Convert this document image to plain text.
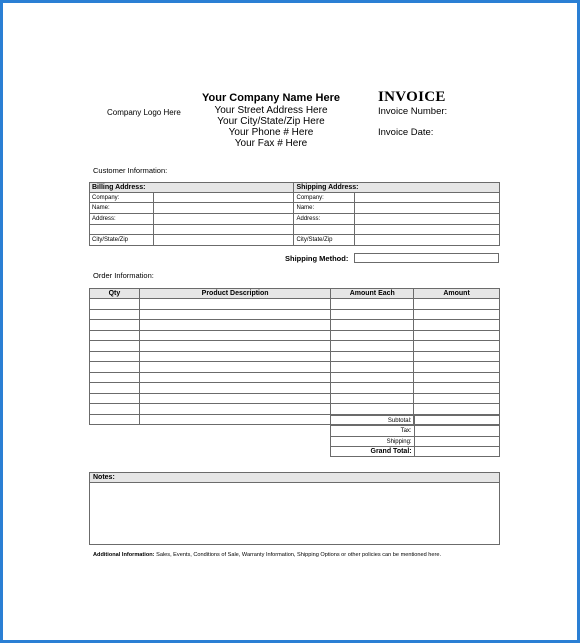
Company Logo Here
Your Company Name Here
Your Street Address Here
Your City/State/Zip Here
Your Phone # Here
Your Fax # Here
INVOICE
Invoice Number:
Invoice Date:
Customer Information:
Billing Address:		Shipping Address:	
Company:		Company:	
Name:		Name:	
Address:		Address:	

City/State/Zip		City/State/Zip	
Shipping Method:
Order Information:
Qty	Product Description	Amount Each	Amount

Subtotal:	
Tax:	
Shipping:	
Grand Total:	
Notes:
Additional Information: Sales, Events, Conditions of Sale, Warranty Information, Shipping Options or other policies can be mentioned here.
